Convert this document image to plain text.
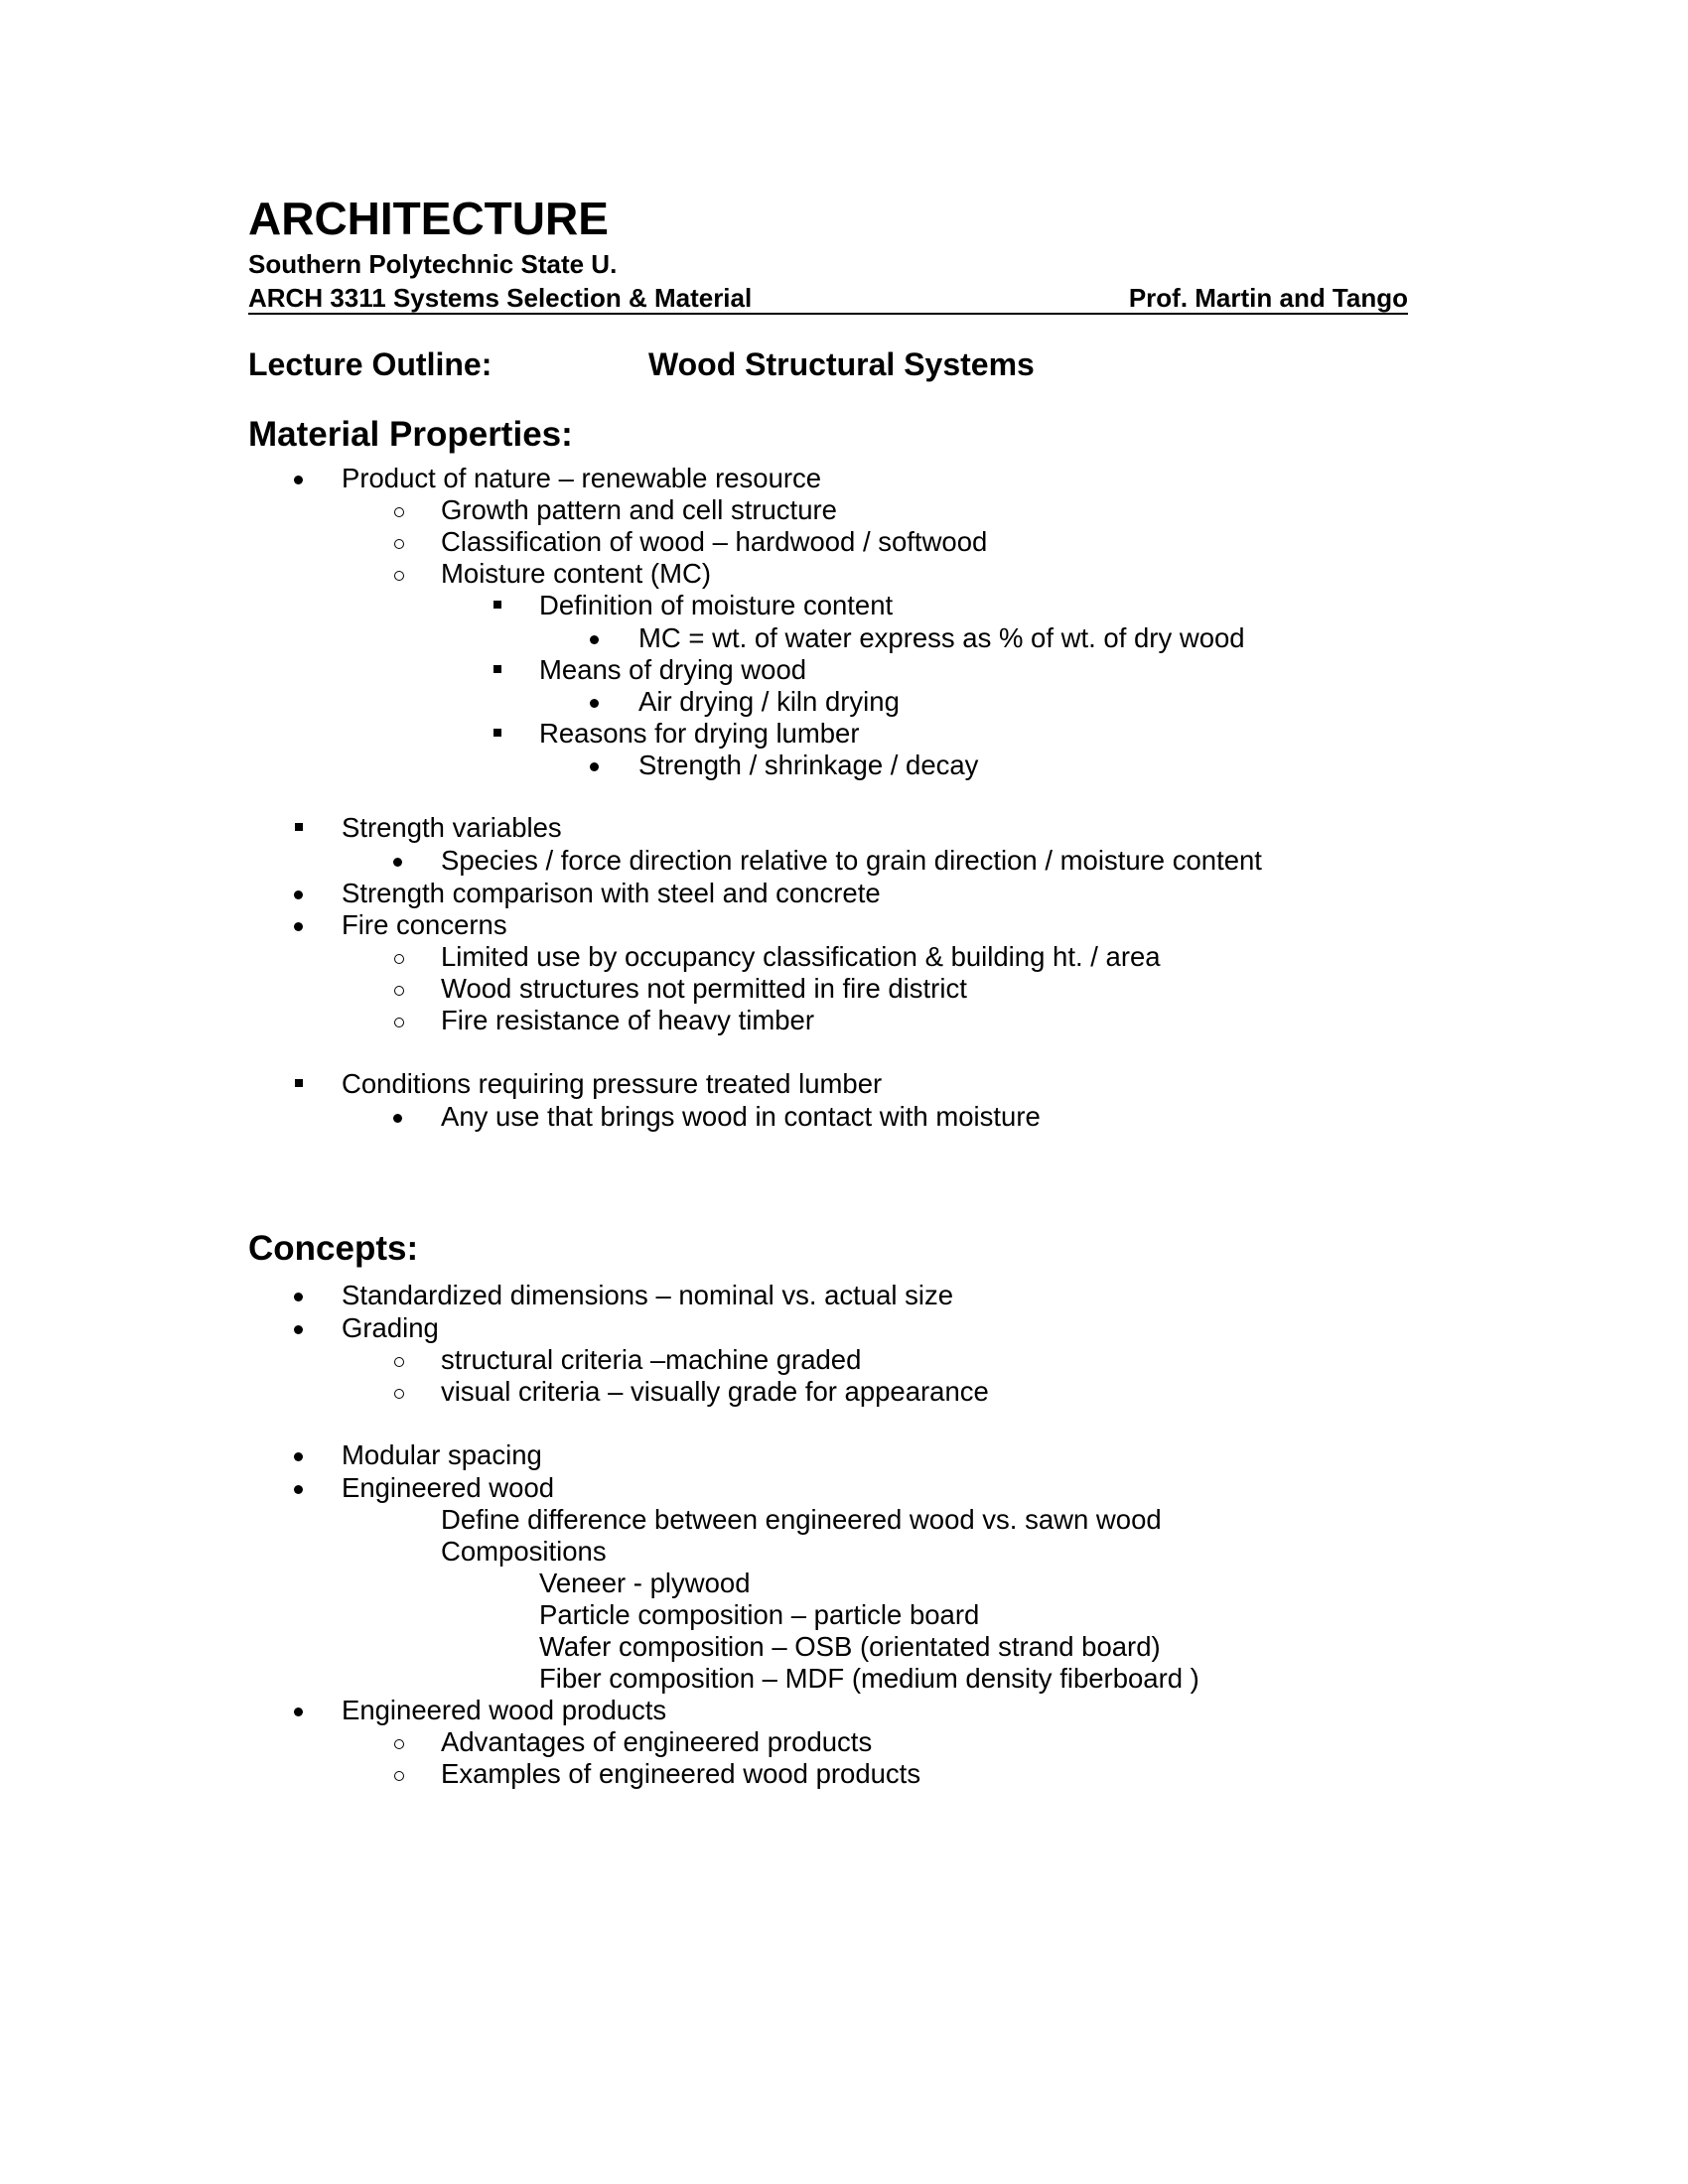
ARCHITECTURE
Southern Polytechnic State U.
ARCH 3311 Systems Selection & Material	Prof. Martin and Tango
Lecture Outline:	Wood Structural Systems
Material Properties:
Product of nature – renewable resource
Growth pattern and cell structure
Classification of wood – hardwood / softwood
Moisture content (MC)
Definition of moisture content
MC = wt. of water express as % of wt. of dry wood
Means of drying wood
Air drying / kiln drying
Reasons for drying lumber
Strength / shrinkage / decay
Strength variables
Species / force direction relative to grain direction / moisture content
Strength comparison with steel and concrete
Fire concerns
Limited use by occupancy classification & building ht. / area
Wood structures not permitted in fire district
Fire resistance of heavy timber
Conditions requiring pressure treated lumber
Any use that brings wood in contact with moisture
Concepts:
Standardized dimensions – nominal vs. actual size
Grading
structural criteria –machine graded
visual criteria – visually grade for appearance
Modular spacing
Engineered wood
Define difference between engineered wood vs. sawn wood
Compositions
Veneer - plywood
Particle composition – particle board
Wafer composition – OSB (orientated strand board)
Fiber composition – MDF (medium density fiberboard )
Engineered wood products
Advantages of engineered products
Examples of engineered wood products
